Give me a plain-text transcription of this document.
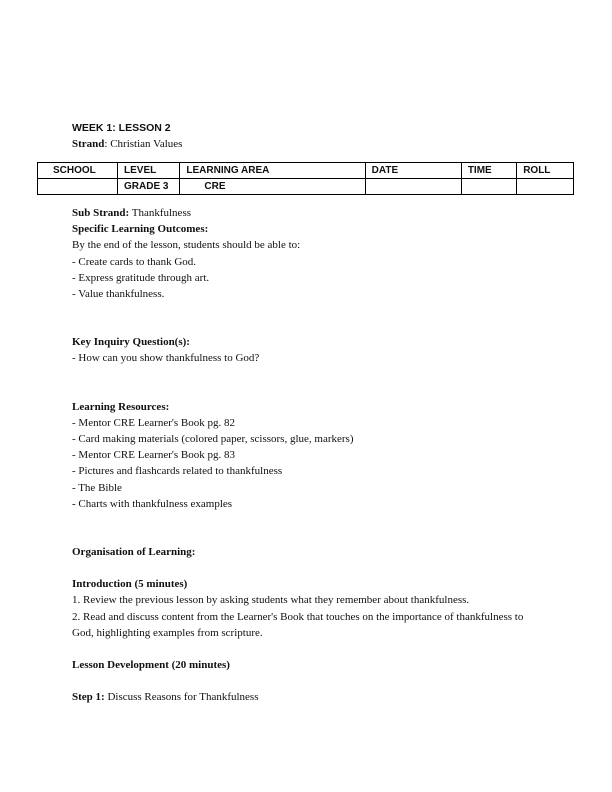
WEEK 1: LESSON 2
Strand: Christian Values
SCHOOL	LEVEL	LEARNING AREA	DATE	TIME	ROLL
	GRADE 3	CRE			

Sub Strand: Thankfulness

Specific Learning Outcomes:

By the end of the lesson, students should be able to:

- Create cards to thank God.

- Express gratitude through art.

- Value thankfulness.

Key Inquiry Question(s):

- How can you show thankfulness to God?

Learning Resources:

- Mentor CRE Learner's Book pg. 82

- Card making materials (colored paper, scissors, glue, markers)

- Mentor CRE Learner's Book pg. 83

- Pictures and flashcards related to thankfulness

- The Bible

- Charts with thankfulness examples

Organisation of Learning:

Introduction (5 minutes)

1. Review the previous lesson by asking students what they remember about thankfulness.

2. Read and discuss content from the Learner's Book that touches on the importance of thankfulness to God, highlighting examples from scripture.

Lesson Development (20 minutes)

Step 1: Discuss Reasons for Thankfulness
